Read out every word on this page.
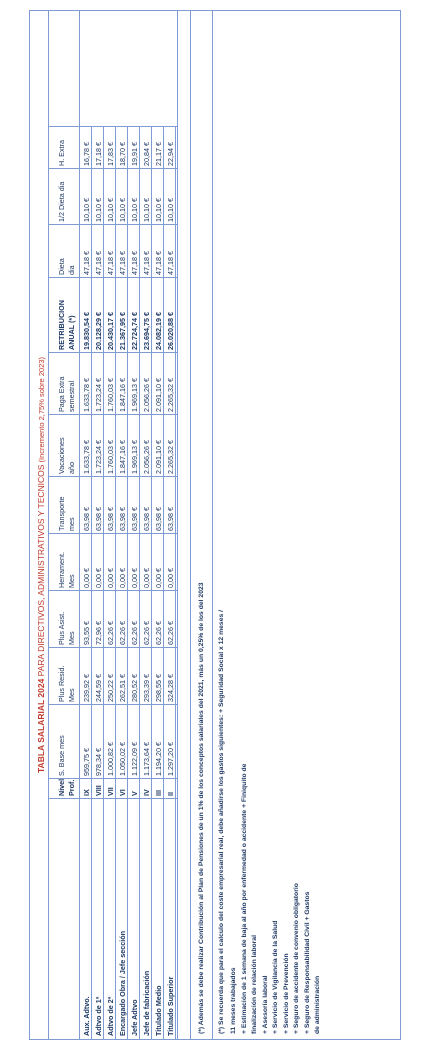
TABLA SALARIAL 2024 PARA DIRECTIVOS, ADMINISTRATIVOS Y TECNICOS (Incremento 2,75% sobre 2023)
Nivel Prof.
S. Base mes
Plus Resid. Mes
Plus Asist. Mes
Herrament. Mes
Transporte mes
Vacaciones año
Paga Extra semestral
RETRIBUCION ANUAL (*)
Dieta dia
1/2 Dieta dia
H. Extra
Aux. Adtvo.
IX
959,75 €
239,92 €
93,55 €
0,00 €
63,98 €
1.633,78 €
1.633,78 €
19.830,54 €
47,18 €
10,10 €
16,78 €
Adtvo de 1ª
VIII
978,34 €
244,59 €
72,96 €
0,00 €
63,98 €
1.723,24 €
1.723,24 €
20.128,29 €
47,18 €
10,10 €
17,18 €
Adtvo de 2ª
VII
1.000,82 €
250,22 €
62,26 €
0,00 €
63,98 €
1.760,03 €
1.760,03 €
20.430,17 €
47,18 €
10,10 €
17,83 €
Encargado Obra / Jefe sección
VI
1.050,02 €
262,51 €
62,26 €
0,00 €
63,98 €
1.847,16 €
1.847,16 €
21.367,95 €
47,18 €
10,10 €
18,70 €
Jefe Adtvo
V
1.122,09 €
280,52 €
62,26 €
0,00 €
63,98 €
1.969,13 €
1.969,13 €
22.724,74 €
47,18 €
10,10 €
19,91 €
Jefe de fabricación
IV
1.173,64 €
293,39 €
62,26 €
0,00 €
63,98 €
2.056,26 €
2.056,26 €
23.694,75 €
47,18 €
10,10 €
20,84 €
Titulado Medio
III
1.194,20 €
298,55 €
62,26 €
0,00 €
63,98 €
2.091,10 €
2.091,10 €
24.082,19 €
47,18 €
10,10 €
21,17 €
Titulado Superior
II
1.297,20 €
324,28 €
62,26 €
0,00 €
63,98 €
2.265,32 €
2.265,32 €
26.020,88 €
47,18 €
10,10 €
22,94 €
(*) Además se debe realizar Contribución al Plan de Pensiones de un 1% de los conceptos salariales del 2021, más un 0,25% de los del 2023 (*) Se recuerda que para el calculo del coste empresarial real, debe añadirse los gastos siguientes: + Seguridad Social x 12 meses / 11 meses trabajados + Estimación de 1 semana de baja al año por enfermedad o accidente + Finiquito de finalización de relación laboral + Asesoría laboral + Servicio de Vigilancia de la Salud + Servicio de Prevención + Seguro de accidente de convenio obligatorio + Seguro de Responsabilidad Civil + Gastos de administración
